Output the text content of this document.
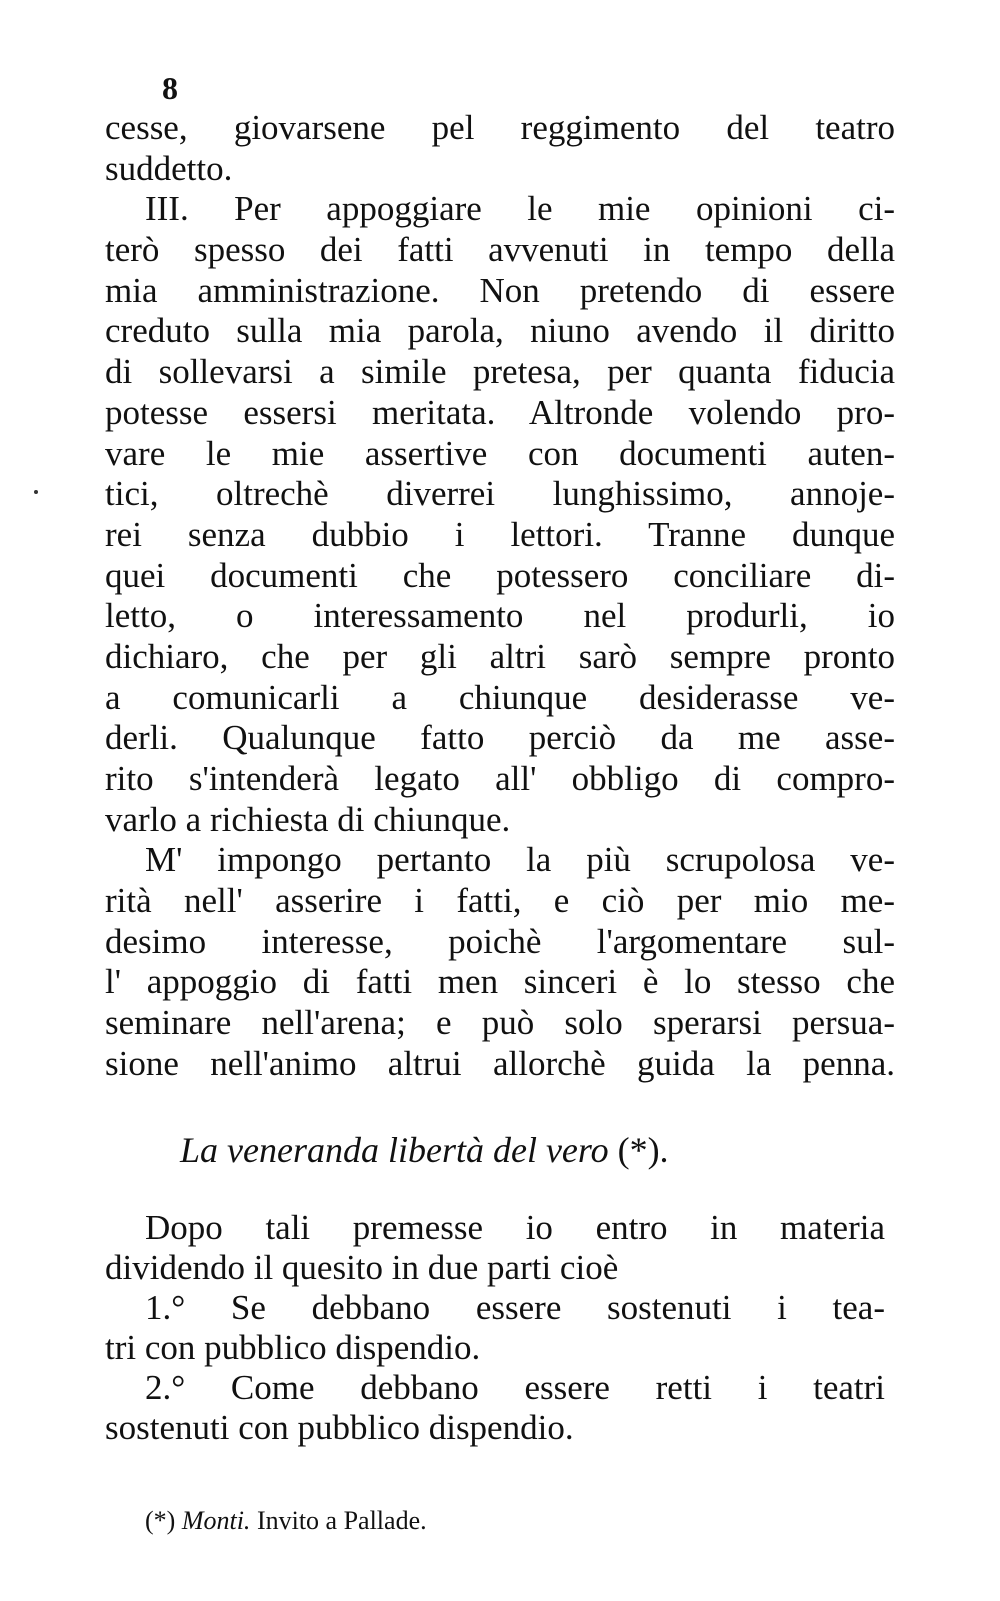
8
cesse, giovarsene pel reggimento del teatro
suddetto.
III. Per appoggiare le mie opinioni ci-
terò spesso dei fatti avvenuti in tempo della
mia amministrazione. Non pretendo di essere
creduto sulla mia parola, niuno avendo il diritto
di sollevarsi a simile pretesa, per quanta fiducia
potesse essersi meritata. Altronde volendo pro-
vare le mie assertive con documenti auten-
tici, oltrechè diverrei lunghissimo, annoje-
rei senza dubbio i lettori. Tranne dunque
quei documenti che potessero conciliare di-
letto, o interessamento nel produrli, io
dichiaro, che per gli altri sarò sempre pronto
a comunicarli a chiunque desiderasse ve-
derli. Qualunque fatto perciò da me asse-
rito s'intenderà legato all' obbligo di compro-
varlo a richiesta di chiunque.
M' impongo pertanto la più scrupolosa ve-
rità nell' asserire i fatti, e ciò per mio me-
desimo interesse, poichè l'argomentare sul-
l' appoggio di fatti men sinceri è lo stesso che
seminare nell'arena; e può solo sperarsi persua-
sione nell'animo altrui allorchè guida la penna.
La veneranda libertà del vero (*).
Dopo tali premesse io entro in materia
dividendo il quesito in due parti cioè
1.° Se debbano essere sostenuti i tea-
tri con pubblico dispendio.
2.° Come debbano essere retti i teatri
sostenuti con pubblico dispendio.
(*) Monti. Invito a Pallade.
